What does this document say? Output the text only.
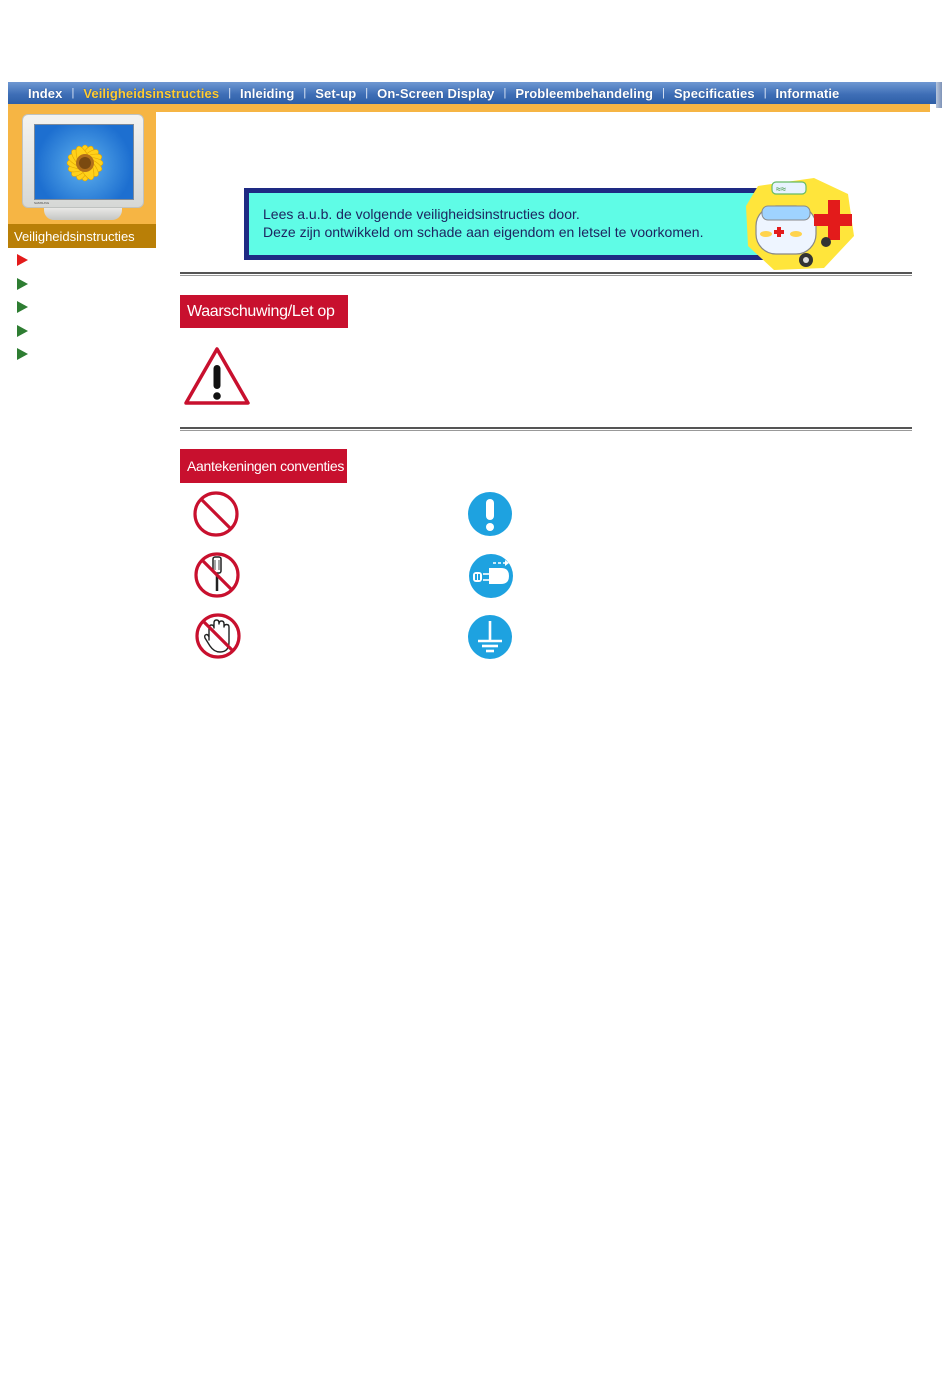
Index | Veiligheidsinstructies | Inleiding | Set-up | On-Screen Display | Probleembehandeling | Specificaties | Informatie
SAMSUNG
Veiligheidsinstructies
Lees a.u.b. de volgende veiligheidsinstructies door.
Deze zijn ontwikkeld om schade aan eigendom en letsel te voorkomen.
≈≈
Waarschuwing/Let op
Aantekeningen conventies
